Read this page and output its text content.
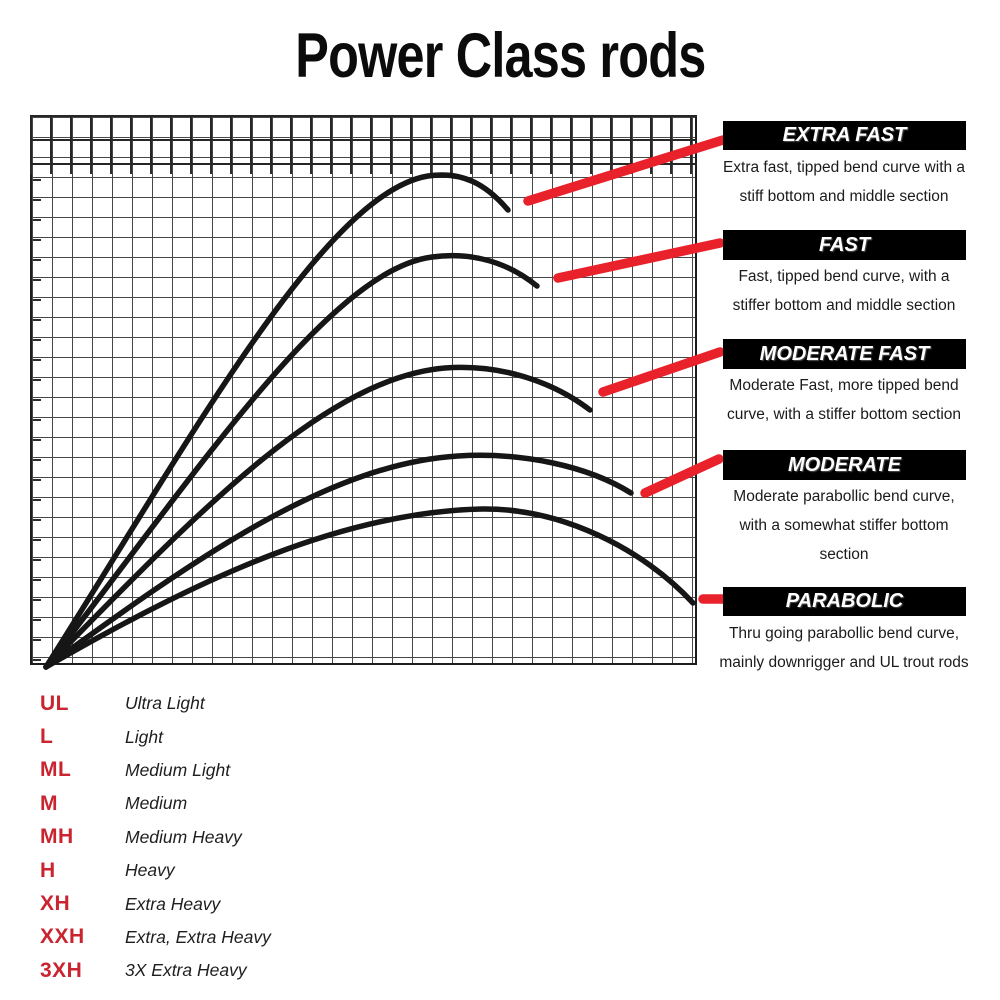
Power Class rods
EXTRA FAST
Extra fast, tipped bend curve with a stiff bottom and middle section
FAST
Fast, tipped bend curve, with a stiffer bottom and middle section
MODERATE FAST
Moderate Fast, more tipped bend curve, with a stiffer bottom section
MODERATE
Moderate parabollic bend curve, with a somewhat stiffer bottom section
PARABOLIC
Thru going parabollic bend curve, mainly downrigger and UL trout rods
UL	Ultra Light
L	Light
ML	Medium Light
M	Medium
MH	Medium Heavy
H	Heavy
XH	Extra Heavy
XXH	Extra, Extra Heavy
3XH	3X Extra Heavy
